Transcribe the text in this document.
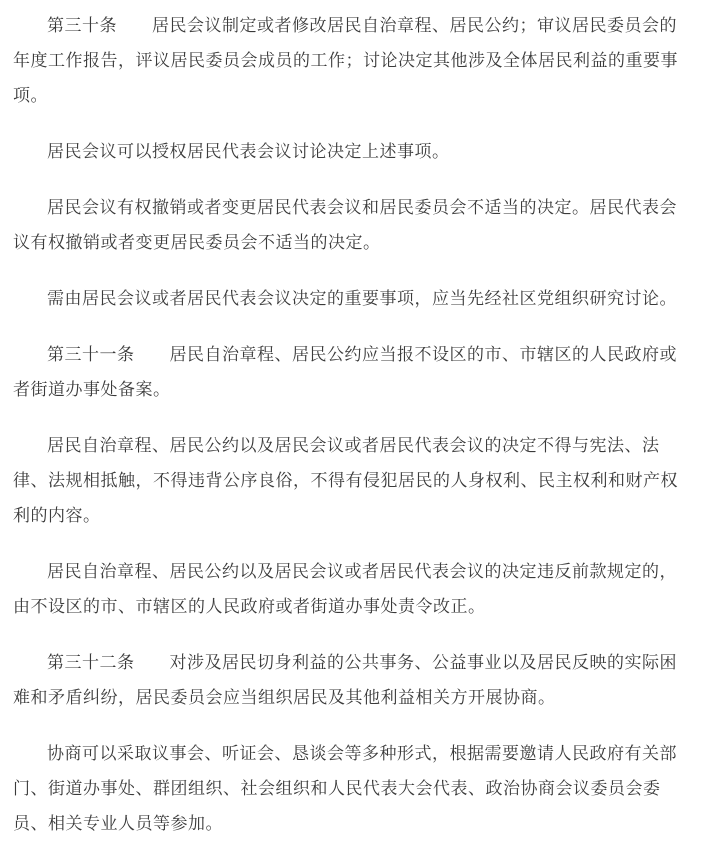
第三十条　　居民会议制定或者修改居民自治章程、居民公约；审议居民委员会的年度工作报告，评议居民委员会成员的工作；讨论决定其他涉及全体居民利益的重要事项。

居民会议可以授权居民代表会议讨论决定上述事项。

居民会议有权撤销或者变更居民代表会议和居民委员会不适当的决定。居民代表会议有权撤销或者变更居民委员会不适当的决定。

需由居民会议或者居民代表会议决定的重要事项，应当先经社区党组织研究讨论。

第三十一条　　居民自治章程、居民公约应当报不设区的市、市辖区的人民政府或者街道办事处备案。

居民自治章程、居民公约以及居民会议或者居民代表会议的决定不得与宪法、法律、法规相抵触，不得违背公序良俗，不得有侵犯居民的人身权利、民主权利和财产权利的内容。

居民自治章程、居民公约以及居民会议或者居民代表会议的决定违反前款规定的，由不设区的市、市辖区的人民政府或者街道办事处责令改正。

第三十二条　　对涉及居民切身利益的公共事务、公益事业以及居民反映的实际困难和矛盾纠纷，居民委员会应当组织居民及其他利益相关方开展协商。

协商可以采取议事会、听证会、恳谈会等多种形式，根据需要邀请人民政府有关部门、街道办事处、群团组织、社会组织和人民代表大会代表、政治协商会议委员会委员、相关专业人员等参加。
